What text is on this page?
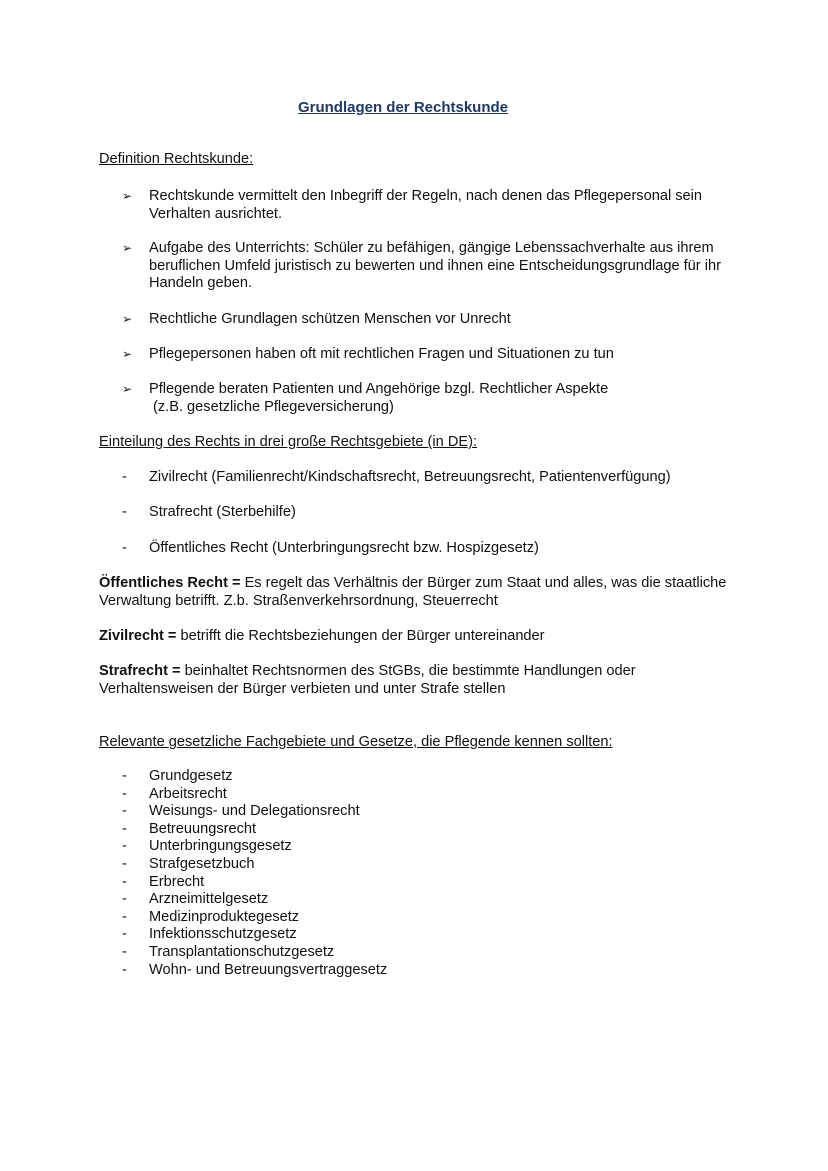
Grundlagen der Rechtskunde
Definition Rechtskunde:
➢ Rechtskunde vermittelt den Inbegriff der Regeln, nach denen das Pflegepersonal sein Verhalten ausrichtet.
➢ Aufgabe des Unterrichts: Schüler zu befähigen, gängige Lebenssachverhalte aus ihrem beruflichen Umfeld juristisch zu bewerten und ihnen eine Entscheidungsgrundlage für ihr Handeln geben.
➢ Rechtliche Grundlagen schützen Menschen vor Unrecht
➢ Pflegepersonen haben oft mit rechtlichen Fragen und Situationen zu tun
➢ Pflegende beraten Patienten und Angehörige bzgl. Rechtlicher Aspekte
(z.B. gesetzliche Pflegeversicherung)
Einteilung des Rechts in drei große Rechtsgebiete (in DE):
- Zivilrecht (Familienrecht/Kindschaftsrecht, Betreuungsrecht, Patientenverfügung)
- Strafrecht (Sterbehilfe)
- Öffentliches Recht (Unterbringungsrecht bzw. Hospizgesetz)
Öffentliches Recht = Es regelt das Verhältnis der Bürger zum Staat und alles, was die staatliche Verwaltung betrifft. Z.b. Straßenverkehrsordnung, Steuerrecht
Zivilrecht = betrifft die Rechtsbeziehungen der Bürger untereinander
Strafrecht = beinhaltet Rechtsnormen des StGBs, die bestimmte Handlungen oder Verhaltensweisen der Bürger verbieten und unter Strafe stellen
Relevante gesetzliche Fachgebiete und Gesetze, die Pflegende kennen sollten:
- Grundgesetz
- Arbeitsrecht
- Weisungs- und Delegationsrecht
- Betreuungsrecht
- Unterbringungsgesetz
- Strafgesetzbuch
- Erbrecht
- Arzneimittelgesetz
- Medizinproduktegesetz
- Infektionsschutzgesetz
- Transplantationschutzgesetz
- Wohn- und Betreuungsvertraggesetz
